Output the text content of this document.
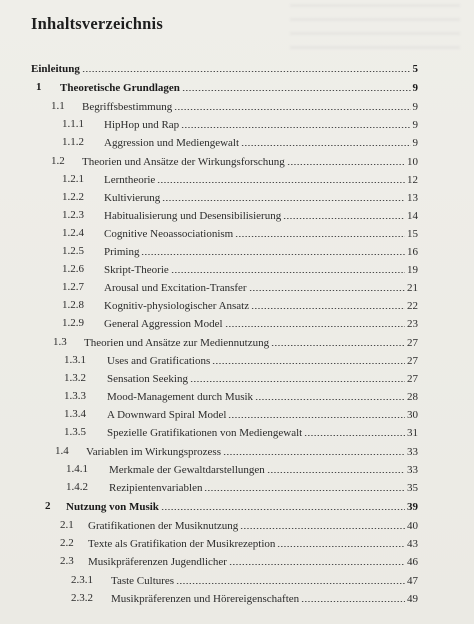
Inhaltsverzeichnis
Einleitung	5
1 Theoretische Grundlagen	9
1.1 Begriffsbestimmung	9
1.1.1 HipHop und Rap	9
1.1.2 Aggression und Mediengewalt	9
1.2 Theorien und Ansätze der Wirkungsforschung	10
1.2.1 Lerntheorie	12
1.2.2 Kultivierung	13
1.2.3 Habitualisierung und Desensibilisierung	14
1.2.4 Cognitive Neoassociationism	15
1.2.5 Priming	16
1.2.6 Skript-Theorie	19
1.2.7 Arousal und Excitation-Transfer	21
1.2.8 Kognitiv-physiologischer Ansatz	22
1.2.9 General Aggression Model	23
1.3 Theorien und Ansätze zur Mediennutzung	27
1.3.1 Uses and Gratifications	27
1.3.2 Sensation Seeking	27
1.3.3 Mood-Management durch Musik	28
1.3.4 A Downward Spiral Model	30
1.3.5 Spezielle Gratifikationen von Mediengewalt	31
1.4 Variablen im Wirkungsprozess	33
1.4.1 Merkmale der Gewaltdarstellungen	33
1.4.2 Rezipientenvariablen	35
2 Nutzung von Musik	39
2.1 Gratifikationen der Musiknutzung	40
2.2 Texte als Gratifikation der Musikrezeption	43
2.3 Musikpräferenzen Jugendlicher	46
2.3.1 Taste Cultures	47
2.3.2 Musikpräferenzen und Hörereigenschaften	49
